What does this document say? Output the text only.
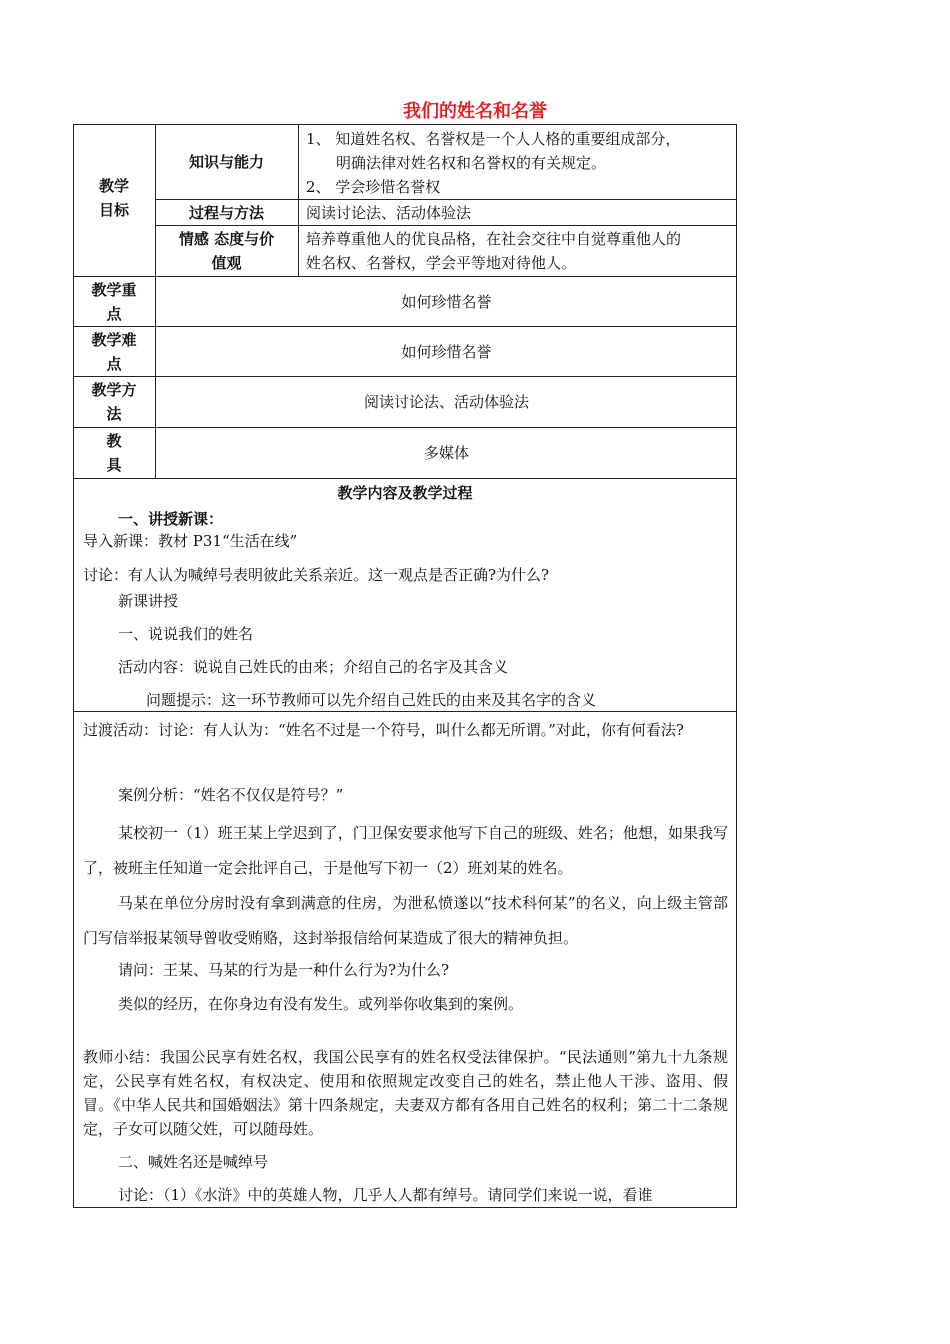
我们的姓名和名誉
教学
目标
知识与能力
1、 知道姓名权、名誉权是一个人人格的重要组成部分，
明确法律对姓名权和名誉权的有关规定。
2、 学会珍惜名誉权
过程与方法	阅读讨论法、活动体验法
情感 态度与价
值观
培养尊重他人的优良品格，在社会交往中自觉尊重他人的
姓名权、名誉权，学会平等地对待他人。
教学重
点
如何珍惜名誉
教学难
点
如何珍惜名誉
教学方
法
阅读讨论法、活动体验法
教
具
多媒体
教学内容及教学过程
一、讲授新课：
导入新课：教材 P31“生活在线”
讨论：有人认为喊绰号表明彼此关系亲近。这一观点是否正确?为什么?
新课讲授
一、说说我们的姓名
活动内容：说说自己姓氏的由来；介绍自己的名字及其含义
问题提示：这一环节教师可以先介绍自己姓氏的由来及其名字的含义
过渡活动：讨论：有人认为：“姓名不过是一个符号，叫什么都无所谓。”对此，你有何看法?
案例分析：“姓名不仅仅是符号？”
某校初一（1）班王某上学迟到了，门卫保安要求他写下自己的班级、姓名；他想，如果我写了，被班主任知道一定会批评自己，于是他写下初一（2）班刘某的姓名。
马某在单位分房时没有拿到满意的住房，为泄私愤遂以“技术科何某”的名义，向上级主管部门写信举报某领导曾收受贿赂，这封举报信给何某造成了很大的精神负担。
请问：王某、马某的行为是一种什么行为?为什么?
类似的经历，在你身边有没有发生。或列举你收集到的案例。
教师小结：我国公民享有姓名权，我国公民享有的姓名权受法律保护。“民法通则”第九十九条规定，公民享有姓名权，有权决定、使用和依照规定改变自己的姓名，禁止他人干涉、盗用、假冒。《中华人民共和国婚姻法》第十四条规定，夫妻双方都有各用自己姓名的权利；第二十二条规定，子女可以随父姓，可以随母姓。
二、喊姓名还是喊绰号
讨论：（1）《水浒》中的英雄人物，几乎人人都有绰号。请同学们来说一说，看谁
